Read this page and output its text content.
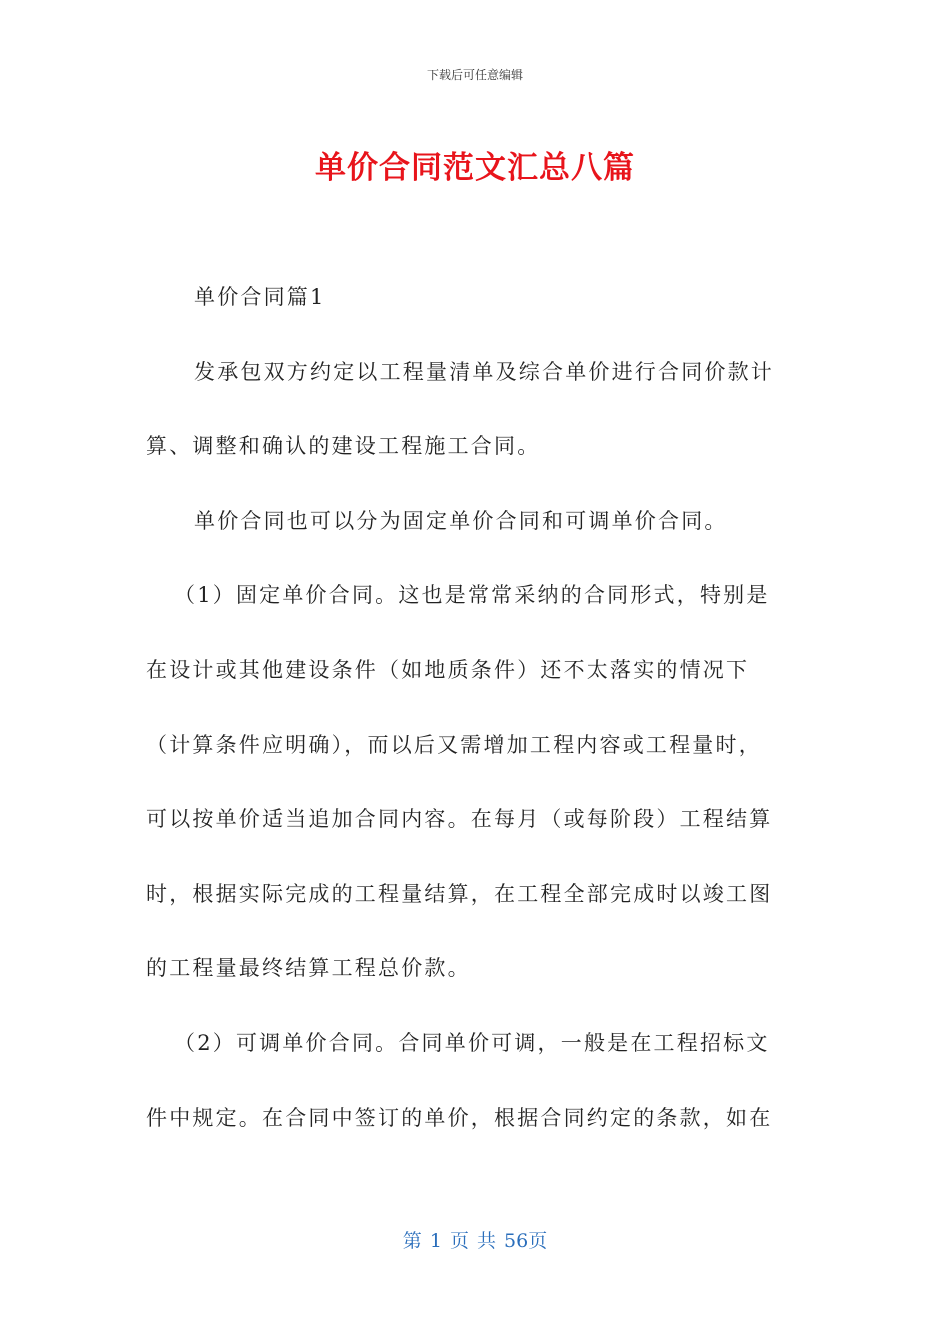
下载后可任意编辑
单价合同范文汇总八篇
单价合同篇1
发承包双方约定以工程量清单及综合单价进行合同价款计
算、调整和确认的建设工程施工合同。
单价合同也可以分为固定单价合同和可调单价合同。
（1）固定单价合同。这也是常常采纳的合同形式，特别是
在设计或其他建设条件（如地质条件）还不太落实的情况下
（计算条件应明确），而以后又需增加工程内容或工程量时，
可以按单价适当追加合同内容。在每月（或每阶段）工程结算
时，根据实际完成的工程量结算，在工程全部完成时以竣工图
的工程量最终结算工程总价款。
（2）可调单价合同。合同单价可调，一般是在工程招标文
件中规定。在合同中签订的单价，根据合同约定的条款，如在
第 1 页 共 56页
